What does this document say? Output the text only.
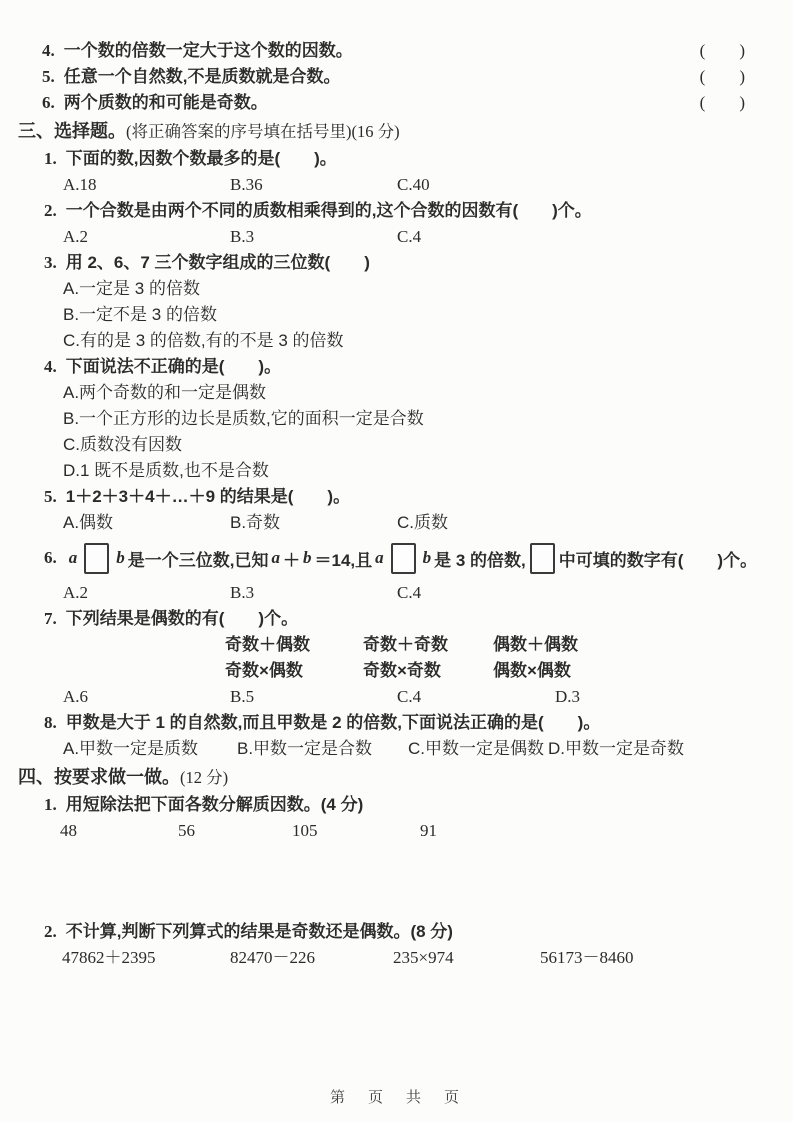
4. 一个数的倍数一定大于这个数的因数。	(　　)
5. 任意一个自然数,不是质数就是合数。	(　　)
6. 两个质数的和可能是奇数。	(　　)
三、选择题。(将正确答案的序号填在括号里)(16 分)
1. 下面的数,因数个数最多的是(　　)。
A.18	B.36	C.40
2. 一个合数是由两个不同的质数相乘得到的,这个合数的因数有(　　)个。
A.2	B.3	C.4
3. 用 2、6、7 三个数字组成的三位数(　　)
A.一定是 3 的倍数
B.一定不是 3 的倍数
C.有的是 3 的倍数,有的不是 3 的倍数
4. 下面说法不正确的是(　　)。
A.两个奇数的和一定是偶数
B.一个正方形的边长是质数,它的面积一定是合数
C.质数没有因数
D.1 既不是质数,也不是合数
5. 1＋2＋3＋4＋…＋9 的结果是(　　)。
A.偶数	B.奇数	C.质数
6. a b 是一个三位数,已知 a ＋ b ＝14,且 a b 是 3 的倍数, 中可填的数字有(　　)个。
A.2	B.3	C.4
7. 下列结果是偶数的有(　　)个。
奇数＋偶数	奇数＋奇数	偶数＋偶数
奇数×偶数	奇数×奇数	偶数×偶数
A.6	B.5	C.4	D.3
8. 甲数是大于 1 的自然数,而且甲数是 2 的倍数,下面说法正确的是(　　)。
A.甲数一定是质数 B.甲数一定是合数 C.甲数一定是偶数 D.甲数一定是奇数
四、按要求做一做。(12 分)
1. 用短除法把下面各数分解质因数。(4 分)
48	56	105	91
2. 不计算,判断下列算式的结果是奇数还是偶数。(8 分)
47862＋2395	82470－226	235×974	56173－8460
第　页　共　页
